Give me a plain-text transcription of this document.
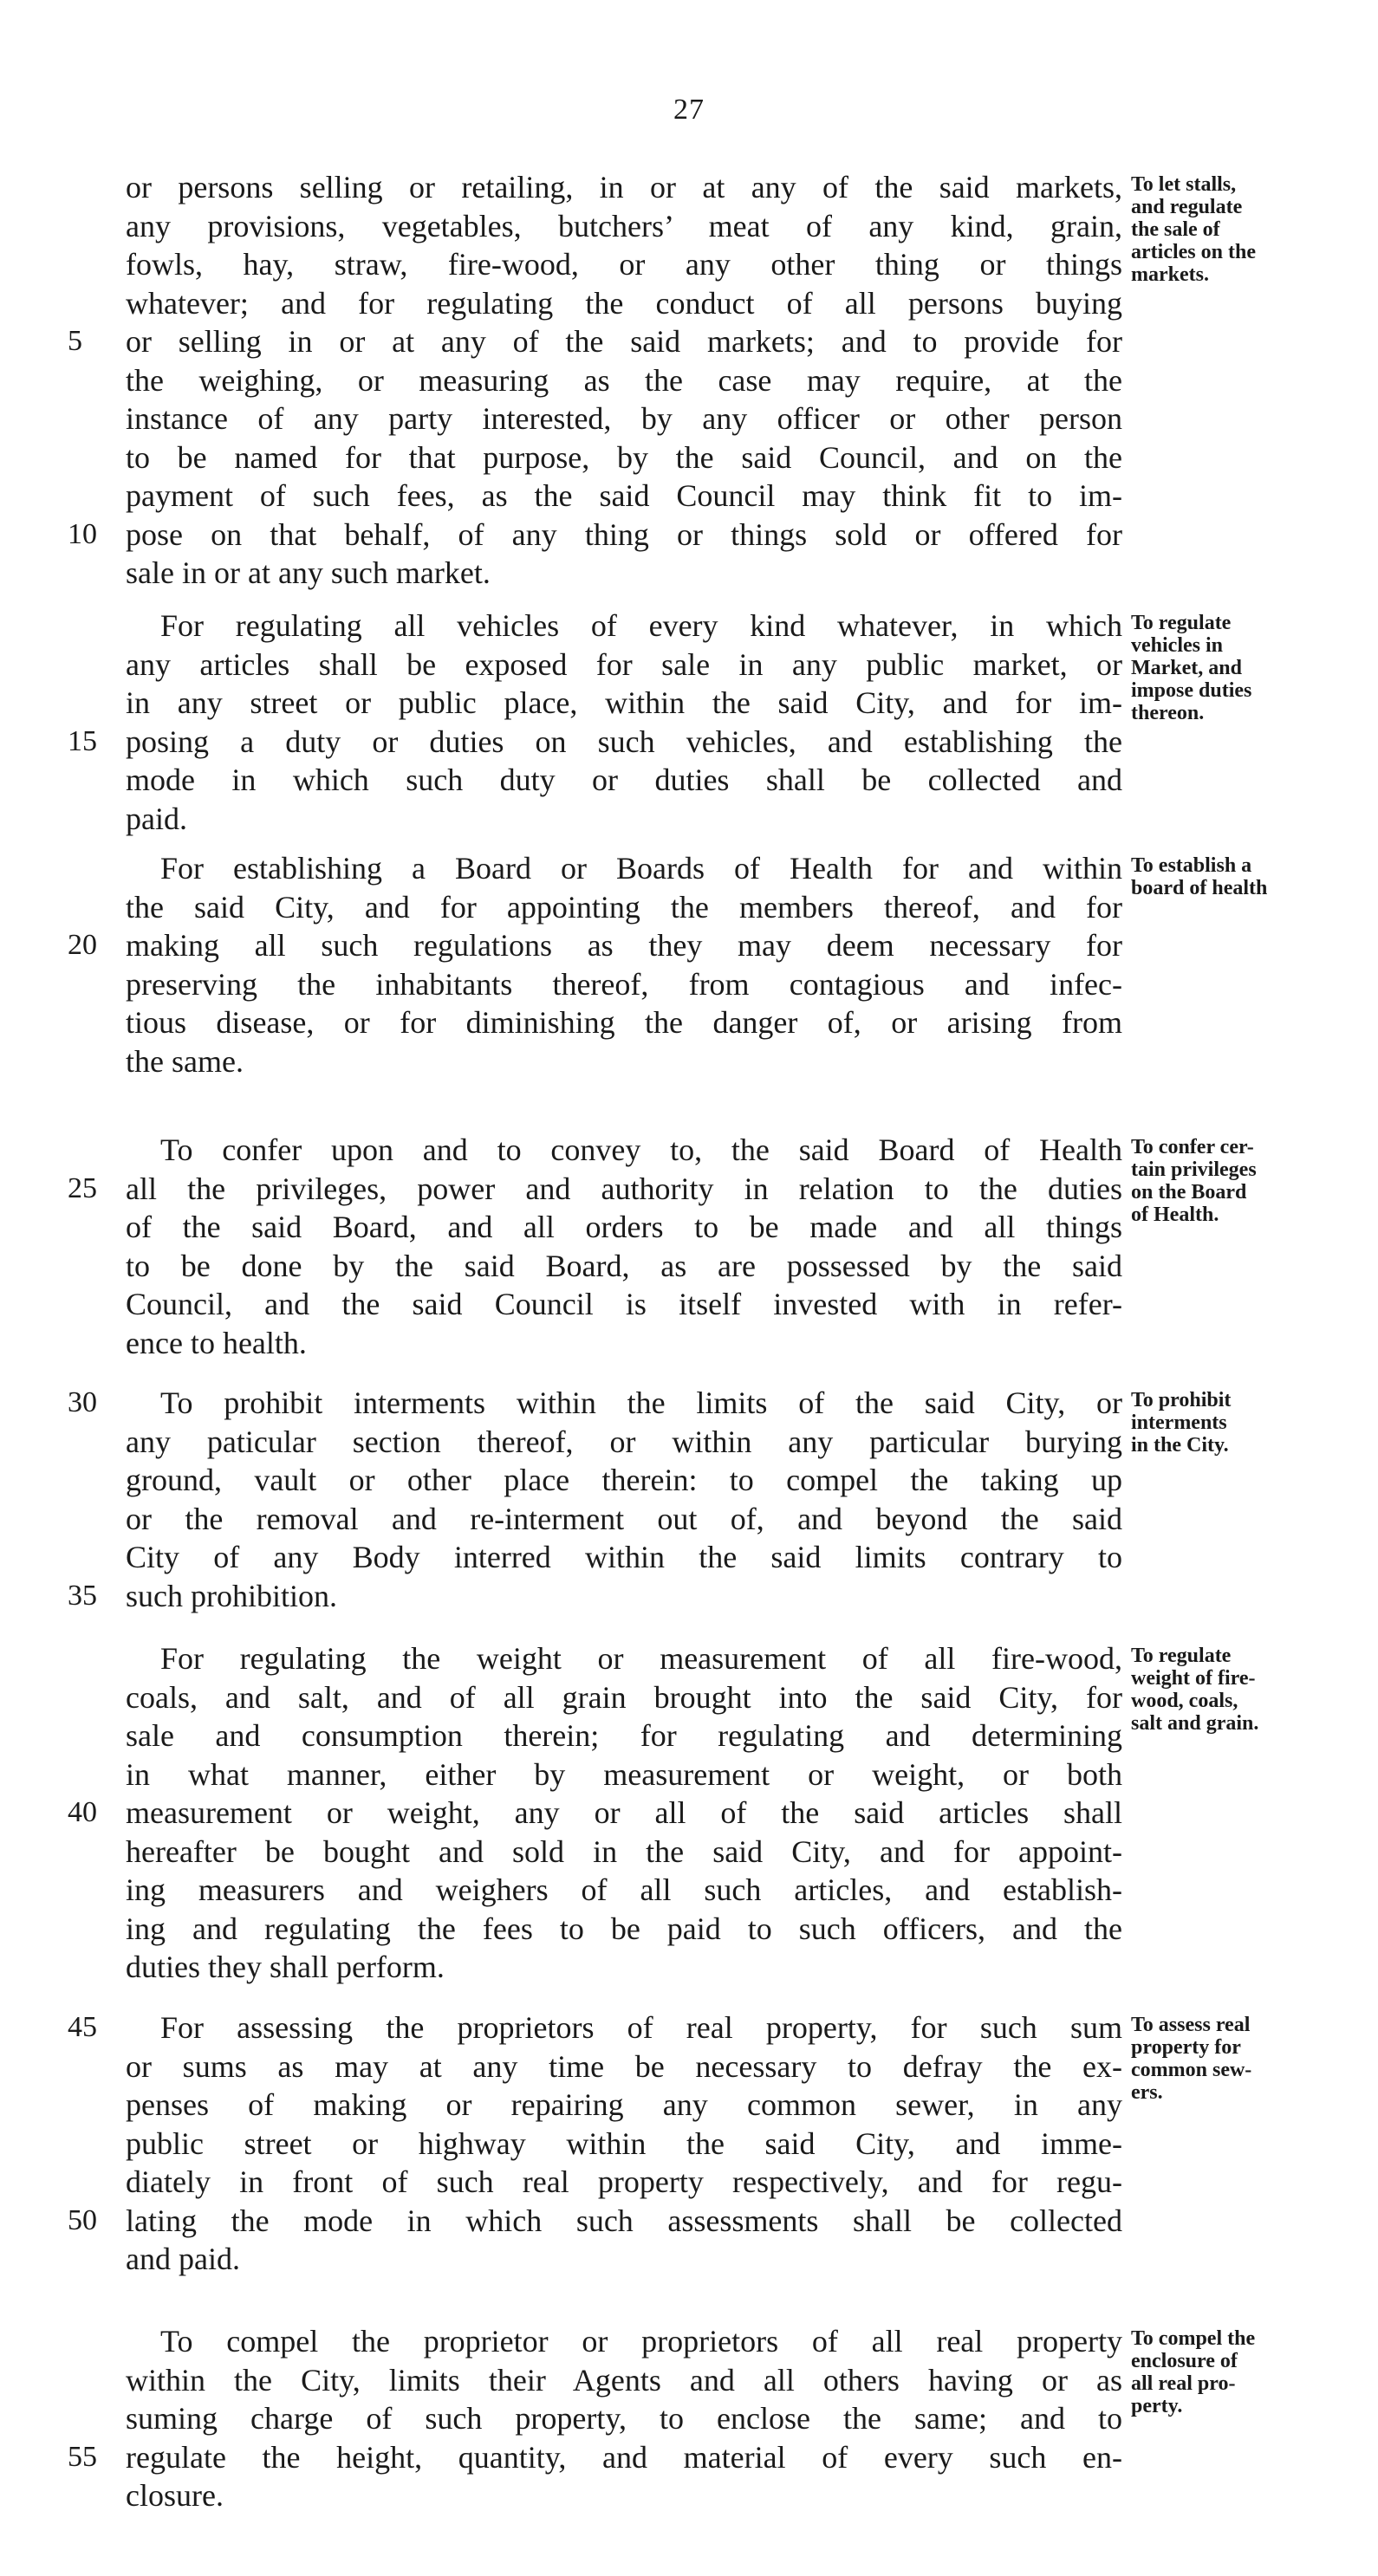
27
or persons selling or retailing, in or at any of the said markets,
any provisions, vegetables, butchers’ meat of any kind, grain,
fowls, hay, straw, fire-wood, or any other thing or things
whatever; and for regulating the conduct of all persons buying
or selling in or at any of the said markets; and to provide for
5
the weighing, or measuring as the case may require, at the
instance of any party interested, by any officer or other person
to be named for that purpose, by the said Council, and on the
payment of such fees, as the said Council may think fit to im-
pose on that behalf, of any thing or things sold or offered for
10
sale in or at any such market.
To let stalls,
and regulate
the sale of
articles on the
markets.
For regulating all vehicles of every kind whatever, in which
any articles shall be exposed for sale in any public market, or
in any street or public place, within the said City, and for im-
posing a duty or duties on such vehicles, and establishing the
15
mode in which such duty or duties shall be collected and
paid.
To regulate
vehicles in
Market, and
impose duties
thereon.
For establishing a Board or Boards of Health for and within
the said City, and for appointing the members thereof, and for
making all such regulations as they may deem necessary for
20
preserving the inhabitants thereof, from contagious and infec-
tious disease, or for diminishing the danger of, or arising from
the same.
To establish a
board of health
To confer upon and to convey to, the said Board of Health
all the privileges, power and authority in relation to the duties
25
of the said Board, and all orders to be made and all things
to be done by the said Board, as are possessed by the said
Council, and the said Council is itself invested with in refer-
ence to health.
To confer cer-
tain privileges
on the Board
of Health.
To prohibit interments within the limits of the said City, or
30
any paticular section thereof, or within any particular burying
ground, vault or other place therein: to compel the taking up
or the removal and re-interment out of, and beyond the said
City of any Body interred within the said limits contrary to
such prohibition.
35
To prohibit
interments
in the City.
For regulating the weight or measurement of all fire-wood,
coals, and salt, and of all grain brought into the said City, for
sale and consumption therein; for regulating and determining
in what manner, either by measurement or weight, or both
measurement or weight, any or all of the said articles shall
40
hereafter be bought and sold in the said City, and for appoint-
ing measurers and weighers of all such articles, and establish-
ing and regulating the fees to be paid to such officers, and the
duties they shall perform.
To regulate
weight of fire-
wood, coals,
salt and grain.
For assessing the proprietors of real property, for such sum
45
or sums as may at any time be necessary to defray the ex-
penses of making or repairing any common sewer, in any
public street or highway within the said City, and imme-
diately in front of such real property respectively, and for regu-
lating the mode in which such assessments shall be collected
50
and paid.
To assess real
property for
common sew-
ers.
To compel the proprietor or proprietors of all real property
within the City, limits their Agents and all others having or as
suming charge of such property, to enclose the same; and to
regulate the height, quantity, and material of every such en-
55
closure.
To compel the
enclosure of
all real pro-
perty.
